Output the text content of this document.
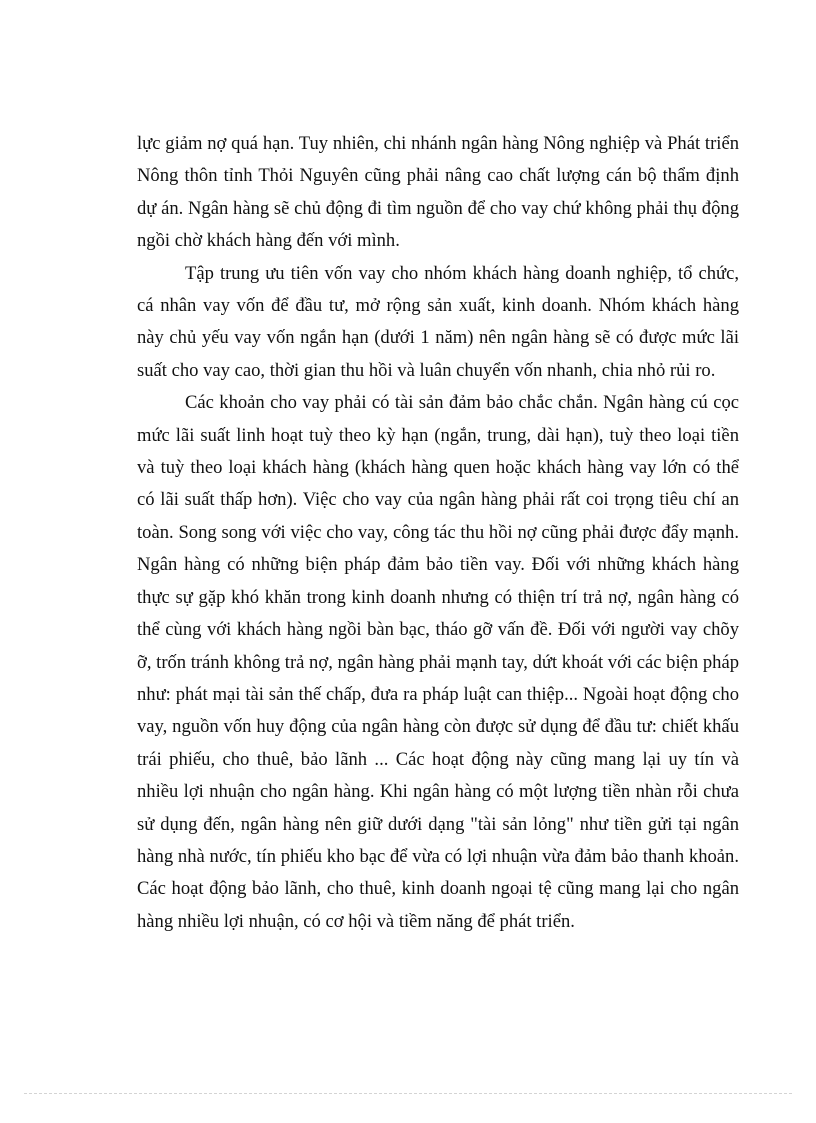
lực giảm nợ quá hạn. Tuy nhiên, chi nhánh ngân hàng Nông nghiệp và Phát triển Nông thôn tỉnh Thỏi Nguyên cũng phải nâng cao chất lượng cán bộ thẩm định dự án. Ngân hàng sẽ chủ động đi tìm nguồn để cho vay chứ không phải thụ động ngồi chờ khách hàng đến với mình.

Tập trung ưu tiên vốn vay cho nhóm khách hàng doanh nghiệp, tổ chức, cá nhân vay vốn để đầu tư, mở rộng sản xuất, kinh doanh. Nhóm khách hàng này chủ yếu vay vốn ngắn hạn (dưới 1 năm) nên ngân hàng sẽ có được mức lãi suất cho vay cao, thời gian thu hồi và luân chuyển vốn nhanh, chia nhỏ rủi ro.

Các khoản cho vay phải có tài sản đảm bảo chắc chắn. Ngân hàng cú cọc mức lãi suất linh hoạt tuỳ theo kỳ hạn (ngắn, trung, dài hạn), tuỳ theo loại tiền và tuỳ theo loại khách hàng (khách hàng quen hoặc khách hàng vay lớn có thể có lãi suất thấp hơn). Việc cho vay của ngân hàng phải rất coi trọng tiêu chí an toàn. Song song với việc cho vay, công tác thu hồi nợ cũng phải được đẩy mạnh. Ngân hàng có những biện pháp đảm bảo tiền vay. Đối với những khách hàng thực sự gặp khó khăn trong kinh doanh nhưng có thiện trí trả nợ, ngân hàng có thể cùng với khách hàng ngồi bàn bạc, tháo gỡ vấn đề. Đối với người vay chõy ỡ, trốn tránh không trả nợ, ngân hàng phải mạnh tay, dứt khoát với các biện pháp như: phát mại tài sản thế chấp, đưa ra pháp luật can thiệp... Ngoài hoạt động cho vay, nguồn vốn huy động của ngân hàng còn được sử dụng để đầu tư: chiết khấu trái phiếu, cho thuê, bảo lãnh ... Các hoạt động này cũng mang lại uy tín và nhiều lợi nhuận cho ngân hàng. Khi ngân hàng có một lượng tiền nhàn rỗi chưa sử dụng đến, ngân hàng nên giữ dưới dạng "tài sản lỏng" như tiền gửi tại ngân hàng nhà nước, tín phiếu kho bạc để vừa có lợi nhuận vừa đảm bảo thanh khoản. Các hoạt động bảo lãnh, cho thuê, kinh doanh ngoại tệ cũng mang lại cho ngân hàng nhiều lợi nhuận, có cơ hội và tiềm năng để phát triển.
